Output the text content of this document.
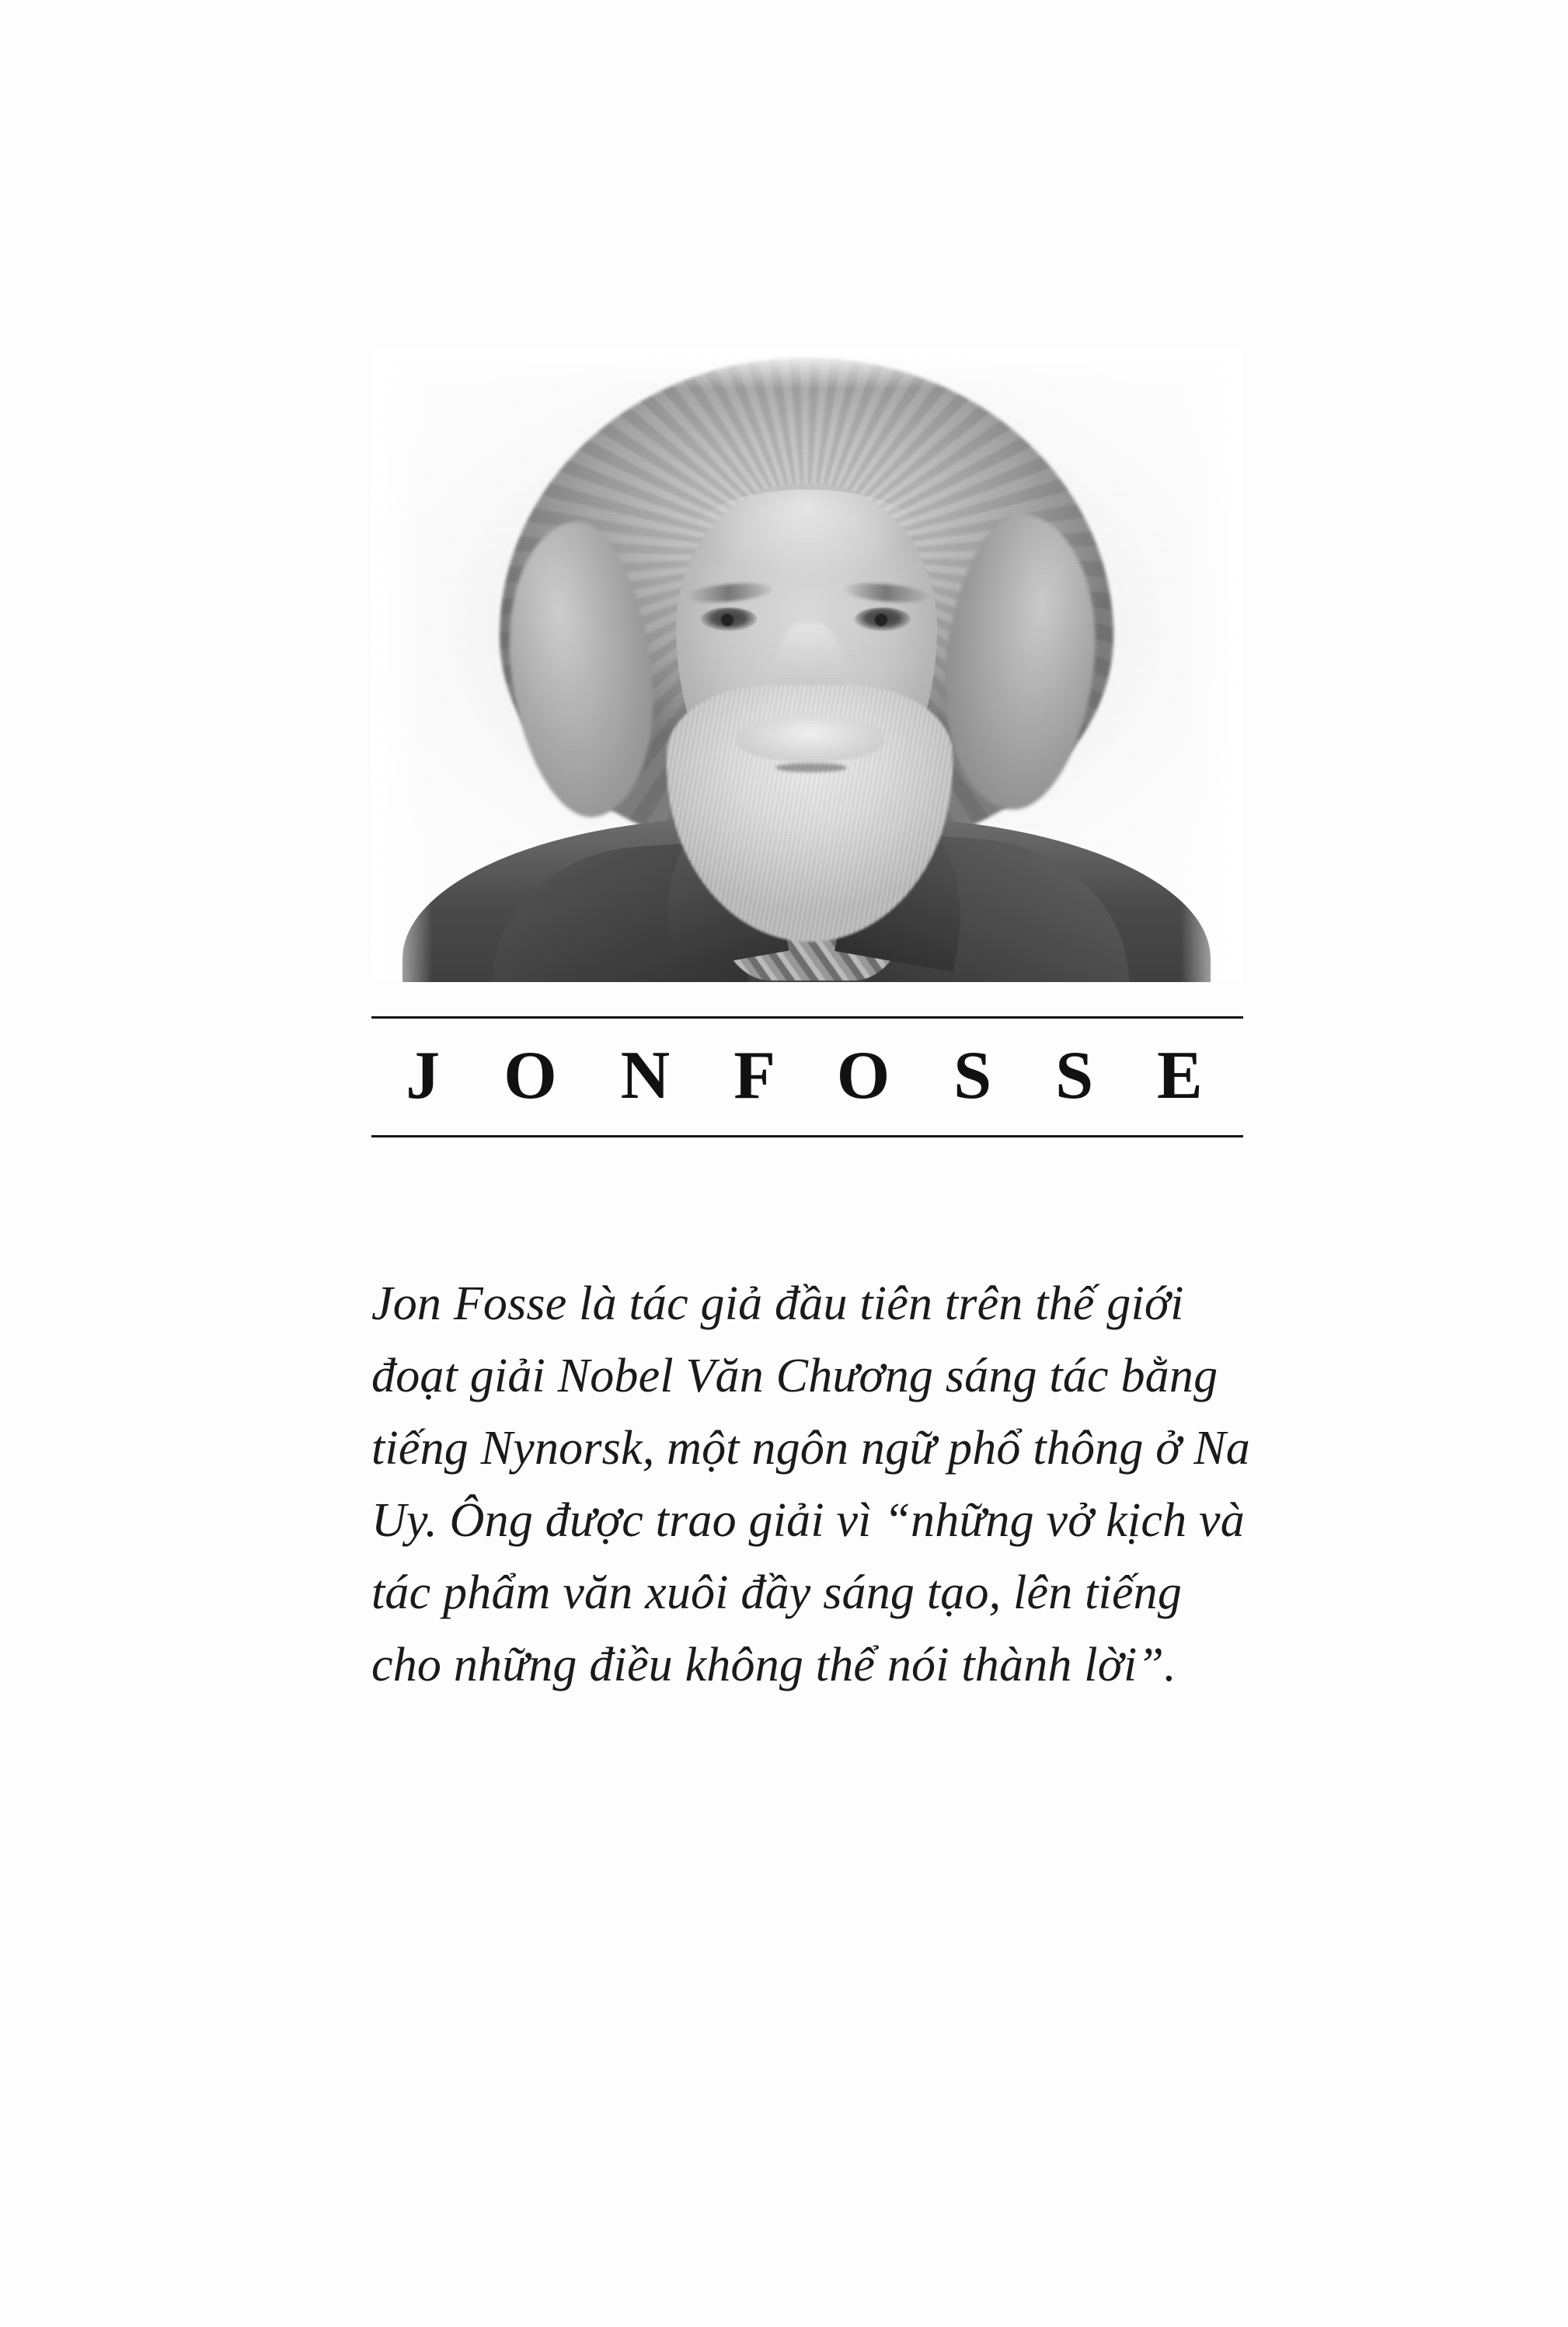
J O N F O S S E

Jon Fosse là tác giả đầu tiên trên thế giới đoạt giải Nobel Văn Chương sáng tác bằng tiếng Nynorsk, một ngôn ngữ phổ thông ở Na Uy. Ông được trao giải vì “những vở kịch và tác phẩm văn xuôi đầy sáng tạo, lên tiếng cho những điều không thể nói thành lời”.
